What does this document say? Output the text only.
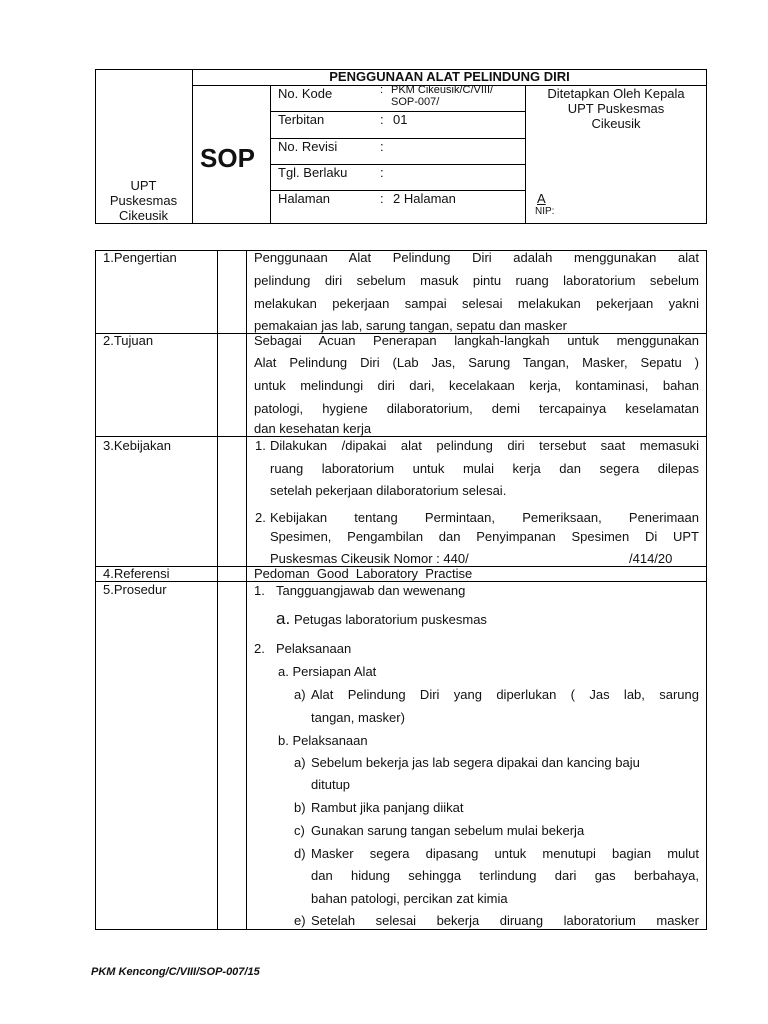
UPT
Puskesmas
Cikeusik
SOP
PENGGUNAAN ALAT PELINDUNG DIRI
No. Kode	: PKM Cikeusik/C/VIII/
SOP-007/
Terbitan	: 01
No. Revisi	:
Tgl. Berlaku	:
Halaman	: 2 Halaman
Ditetapkan Oleh Kepala
UPT Puskesmas
Cikeusik
A
NIP:
1.Pengertian	Penggunaan Alat Pelindung Diri adalah menggunakan alat
pelindung diri sebelum masuk pintu ruang laboratorium sebelum
melakukan pekerjaan sampai selesai melakukan pekerjaan yakni
pemakaian jas lab, sarung tangan, sepatu dan masker
2.Tujuan	Sebagai Acuan Penerapan langkah-langkah untuk menggunakan
Alat Pelindung Diri (Lab Jas, Sarung Tangan, Masker, Sepatu )
untuk melindungi diri dari, kecelakaan kerja, kontaminasi, bahan
patologi, hygiene dilaboratorium, demi tercapainya keselamatan
dan kesehatan kerja
3.Kebijakan	1. Dilakukan /dipakai alat pelindung diri tersebut saat memasuki
ruang laboratorium untuk mulai kerja dan segera dilepas
setelah pekerjaan dilaboratorium selesai.
2. Kebijakan tentang Permintaan, Pemeriksaan, Penerimaan
Spesimen, Pengambilan dan Penyimpanan Spesimen Di UPT
Puskesmas Cikeusik Nomor : 440/	/414/20
4.Referensi	Pedoman  Good  Laboratory  Practise
5.Prosedur	1. Tangguangjawab dan wewenang
a. Petugas laboratorium puskesmas
2. Pelaksanaan
a. Persiapan Alat
a) Alat Pelindung Diri yang diperlukan ( Jas lab, sarung
tangan, masker)
b. Pelaksanaan
a) Sebelum bekerja jas lab segera dipakai dan kancing baju
ditutup
b) Rambut jika panjang diikat
c) Gunakan sarung tangan sebelum mulai bekerja
d) Masker segera dipasang untuk menutupi bagian mulut
dan hidung sehingga terlindung dari gas berbahaya,
bahan patologi, percikan zat kimia
e) Setelah selesai bekerja diruang laboratorium masker
PKM Kencong/C/VIII/SOP-007/15
